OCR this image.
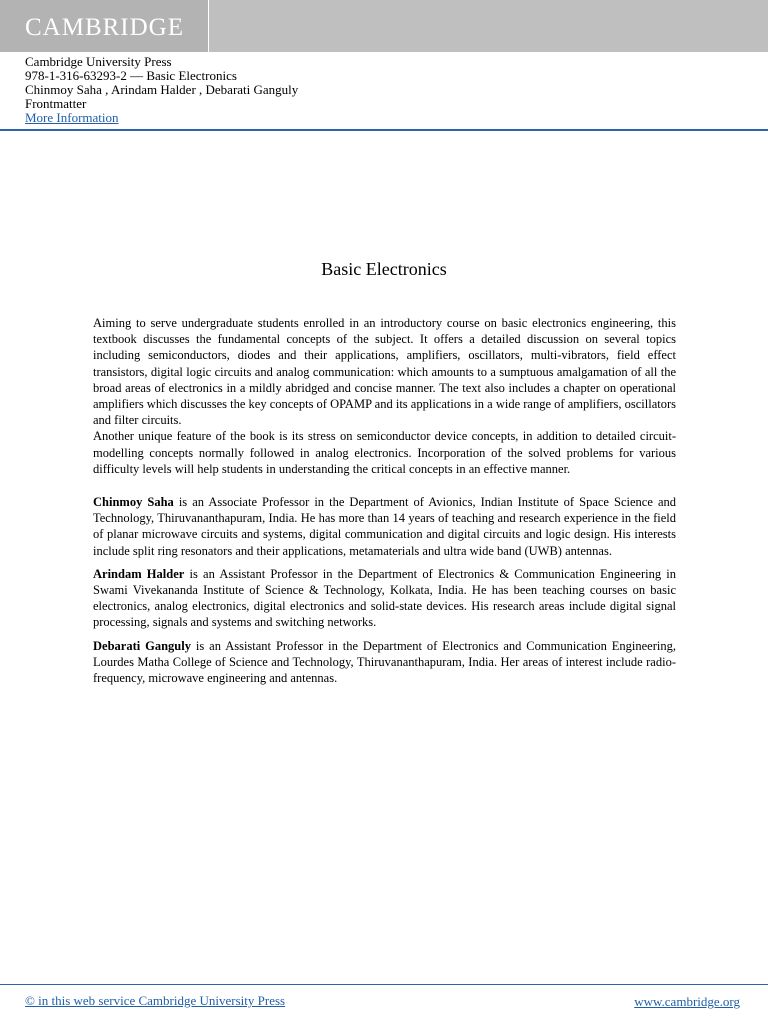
CAMBRIDGE
Cambridge University Press
978-1-316-63293-2 — Basic Electronics
Chinmoy Saha , Arindam Halder , Debarati Ganguly
Frontmatter
More Information
Basic Electronics

Aiming to serve undergraduate students enrolled in an introductory course on basic electronics engineering, this textbook discusses the fundamental concepts of the subject. It offers a detailed discussion on several topics including semiconductors, diodes and their applications, amplifiers, oscillators, multi-vibrators, field effect transistors, digital logic circuits and analog communication: which amounts to a sumptuous amalgamation of all the broad areas of electronics in a mildly abridged and concise manner. The text also includes a chapter on operational amplifiers which discusses the key concepts of OPAMP and its applications in a wide range of amplifiers, oscillators and filter circuits.

Another unique feature of the book is its stress on semiconductor device concepts, in addition to detailed circuit-modelling concepts normally followed in analog electronics. Incorporation of the solved problems for various difficulty levels will help students in understanding the critical concepts in an effective manner.

Chinmoy Saha is an Associate Professor in the Department of Avionics, Indian Institute of Space Science and Technology, Thiruvananthapuram, India. He has more than 14 years of teaching and research experience in the field of planar microwave circuits and systems, digital communication and digital circuits and logic design. His interests include split ring resonators and their applications, metamaterials and ultra wide band (UWB) antennas.

Arindam Halder is an Assistant Professor in the Department of Electronics & Communication Engineering in Swami Vivekananda Institute of Science & Technology, Kolkata, India. He has been teaching courses on basic electronics, analog electronics, digital electronics and solid-state devices. His research areas include digital signal processing, signals and systems and switching networks.

Debarati Ganguly is an Assistant Professor in the Department of Electronics and Communication Engineering, Lourdes Matha College of Science and Technology, Thiruvananthapuram, India. Her areas of interest include radio-frequency, microwave engineering and antennas.

© in this web service Cambridge University Press	www.cambridge.org
